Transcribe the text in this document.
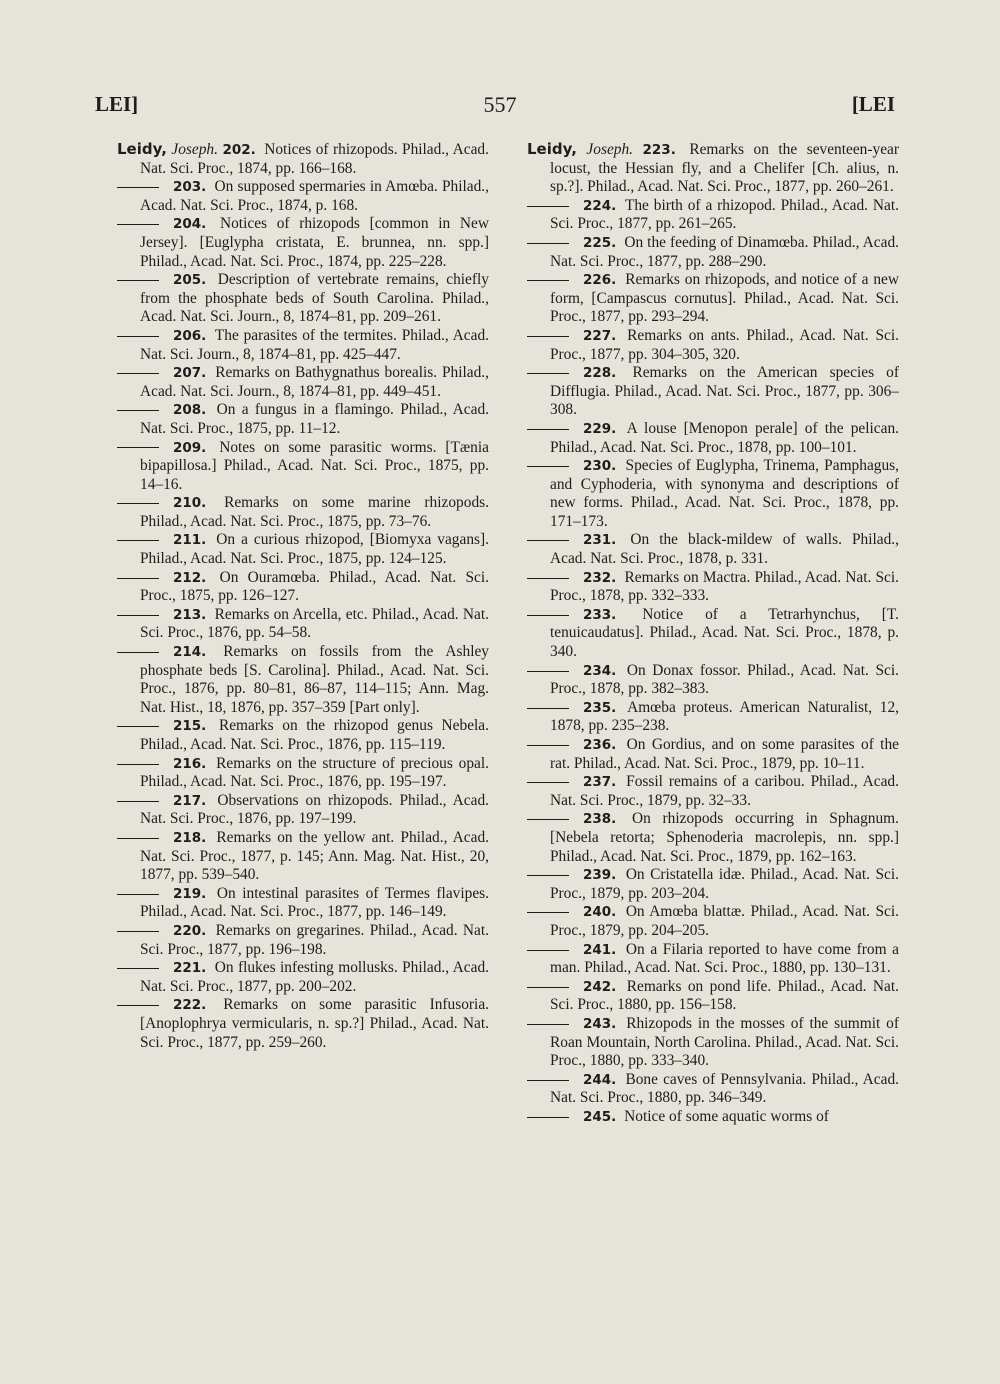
LEI]	557	[LEI

Leidy, Joseph. 202. Notices of rhizopods. Philad., Acad. Nat. Sci. Proc., 1874, pp. 166–168.

203. On supposed spermaries in Amœba. Philad., Acad. Nat. Sci. Proc., 1874, p. 168.

204. Notices of rhizopods [common in New Jersey]. [Euglypha cristata, E. brunnea, nn. spp.] Philad., Acad. Nat. Sci. Proc., 1874, pp. 225–228.

205. Description of vertebrate remains, chiefly from the phosphate beds of South Carolina. Philad., Acad. Nat. Sci. Journ., 8, 1874–81, pp. 209–261.

206. The parasites of the termites. Philad., Acad. Nat. Sci. Journ., 8, 1874–81, pp. 425–447.

207. Remarks on Bathygnathus borealis. Philad., Acad. Nat. Sci. Journ., 8, 1874–81, pp. 449–451.

208. On a fungus in a flamingo. Philad., Acad. Nat. Sci. Proc., 1875, pp. 11–12.

209. Notes on some parasitic worms. [Tænia bipapillosa.] Philad., Acad. Nat. Sci. Proc., 1875, pp. 14–16.

210. Remarks on some marine rhizopods. Philad., Acad. Nat. Sci. Proc., 1875, pp. 73–76.

211. On a curious rhizopod, [Biomyxa vagans]. Philad., Acad. Nat. Sci. Proc., 1875, pp. 124–125.

212. On Ouramœba. Philad., Acad. Nat. Sci. Proc., 1875, pp. 126–127.

213. Remarks on Arcella, etc. Philad., Acad. Nat. Sci. Proc., 1876, pp. 54–58.

214. Remarks on fossils from the Ashley phosphate beds [S. Carolina]. Philad., Acad. Nat. Sci. Proc., 1876, pp. 80–81, 86–87, 114–115; Ann. Mag. Nat. Hist., 18, 1876, pp. 357–359 [Part only].

215. Remarks on the rhizopod genus Nebela. Philad., Acad. Nat. Sci. Proc., 1876, pp. 115–119.

216. Remarks on the structure of precious opal. Philad., Acad. Nat. Sci. Proc., 1876, pp. 195–197.

217. Observations on rhizopods. Philad., Acad. Nat. Sci. Proc., 1876, pp. 197–199.

218. Remarks on the yellow ant. Philad., Acad. Nat. Sci. Proc., 1877, p. 145; Ann. Mag. Nat. Hist., 20, 1877, pp. 539–540.

219. On intestinal parasites of Termes flavipes. Philad., Acad. Nat. Sci. Proc., 1877, pp. 146–149.

220. Remarks on gregarines. Philad., Acad. Nat. Sci. Proc., 1877, pp. 196–198.

221. On flukes infesting mollusks. Philad., Acad. Nat. Sci. Proc., 1877, pp. 200–202.

222. Remarks on some parasitic Infusoria. [Anoplophrya vermicularis, n. sp.?] Philad., Acad. Nat. Sci. Proc., 1877, pp. 259–260.

Leidy, Joseph. 223. Remarks on the seventeen-year locust, the Hessian fly, and a Chelifer [Ch. alius, n. sp.?]. Philad., Acad. Nat. Sci. Proc., 1877, pp. 260–261.

224. The birth of a rhizopod. Philad., Acad. Nat. Sci. Proc., 1877, pp. 261–265.

225. On the feeding of Dinamœba. Philad., Acad. Nat. Sci. Proc., 1877, pp. 288–290.

226. Remarks on rhizopods, and notice of a new form, [Campascus cornutus]. Philad., Acad. Nat. Sci. Proc., 1877, pp. 293–294.

227. Remarks on ants. Philad., Acad. Nat. Sci. Proc., 1877, pp. 304–305, 320.

228. Remarks on the American species of Difflugia. Philad., Acad. Nat. Sci. Proc., 1877, pp. 306–308.

229. A louse [Menopon perale] of the pelican. Philad., Acad. Nat. Sci. Proc., 1878, pp. 100–101.

230. Species of Euglypha, Trinema, Pamphagus, and Cyphoderia, with synonyma and descriptions of new forms. Philad., Acad. Nat. Sci. Proc., 1878, pp. 171–173.

231. On the black-mildew of walls. Philad., Acad. Nat. Sci. Proc., 1878, p. 331.

232. Remarks on Mactra. Philad., Acad. Nat. Sci. Proc., 1878, pp. 332–333.

233. Notice of a Tetrarhynchus, [T. tenuicaudatus]. Philad., Acad. Nat. Sci. Proc., 1878, p. 340.

234. On Donax fossor. Philad., Acad. Nat. Sci. Proc., 1878, pp. 382–383.

235. Amœba proteus. American Naturalist, 12, 1878, pp. 235–238.

236. On Gordius, and on some parasites of the rat. Philad., Acad. Nat. Sci. Proc., 1879, pp. 10–11.

237. Fossil remains of a caribou. Philad., Acad. Nat. Sci. Proc., 1879, pp. 32–33.

238. On rhizopods occurring in Sphagnum. [Nebela retorta; Sphenoderia macrolepis, nn. spp.] Philad., Acad. Nat. Sci. Proc., 1879, pp. 162–163.

239. On Cristatella idæ. Philad., Acad. Nat. Sci. Proc., 1879, pp. 203–204.

240. On Amœba blattæ. Philad., Acad. Nat. Sci. Proc., 1879, pp. 204–205.

241. On a Filaria reported to have come from a man. Philad., Acad. Nat. Sci. Proc., 1880, pp. 130–131.

242. Remarks on pond life. Philad., Acad. Nat. Sci. Proc., 1880, pp. 156–158.

243. Rhizopods in the mosses of the summit of Roan Mountain, North Carolina. Philad., Acad. Nat. Sci. Proc., 1880, pp. 333–340.

244. Bone caves of Pennsylvania. Philad., Acad. Nat. Sci. Proc., 1880, pp. 346–349.

245. Notice of some aquatic worms of
